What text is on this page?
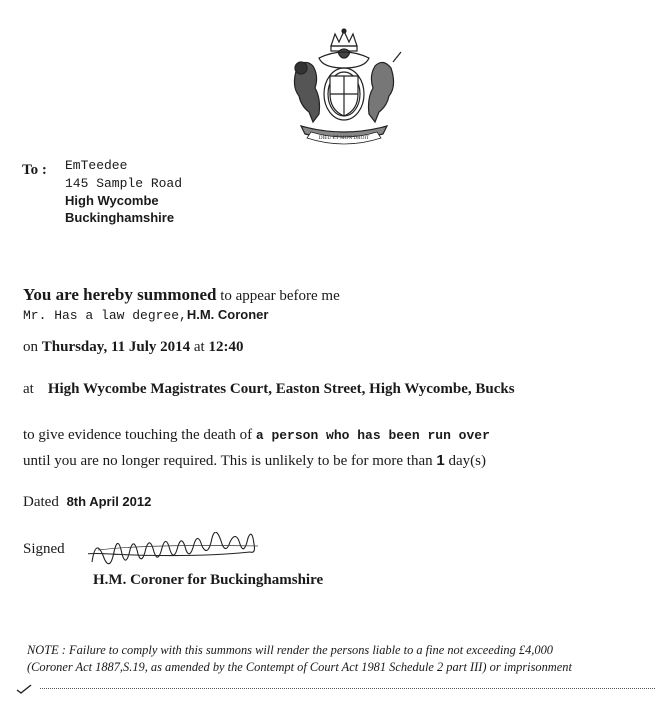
DIEU ET MON DROIT
To : EmTeedee
145 Sample Road
High Wycombe
Buckinghamshire
You are hereby summoned to appear before me
Mr. Has a law degree,H.M. Coroner
on Thursday, 11 July 2014 at 12:40
at High Wycombe Magistrates Court, Easton Street, High Wycombe, Bucks
to give evidence touching the death of a person who has been run over
until you are no longer required. This is unlikely to be for more than 1 day(s)
Dated 8th April 2012
Signed
H.M. Coroner for Buckinghamshire
NOTE : Failure to comply with this summons will render the persons liable to a fine not exceeding £4,000
(Coroner Act 1887,S.19, as amended by the Contempt of Court Act 1981 Schedule 2 part III) or imprisonment
